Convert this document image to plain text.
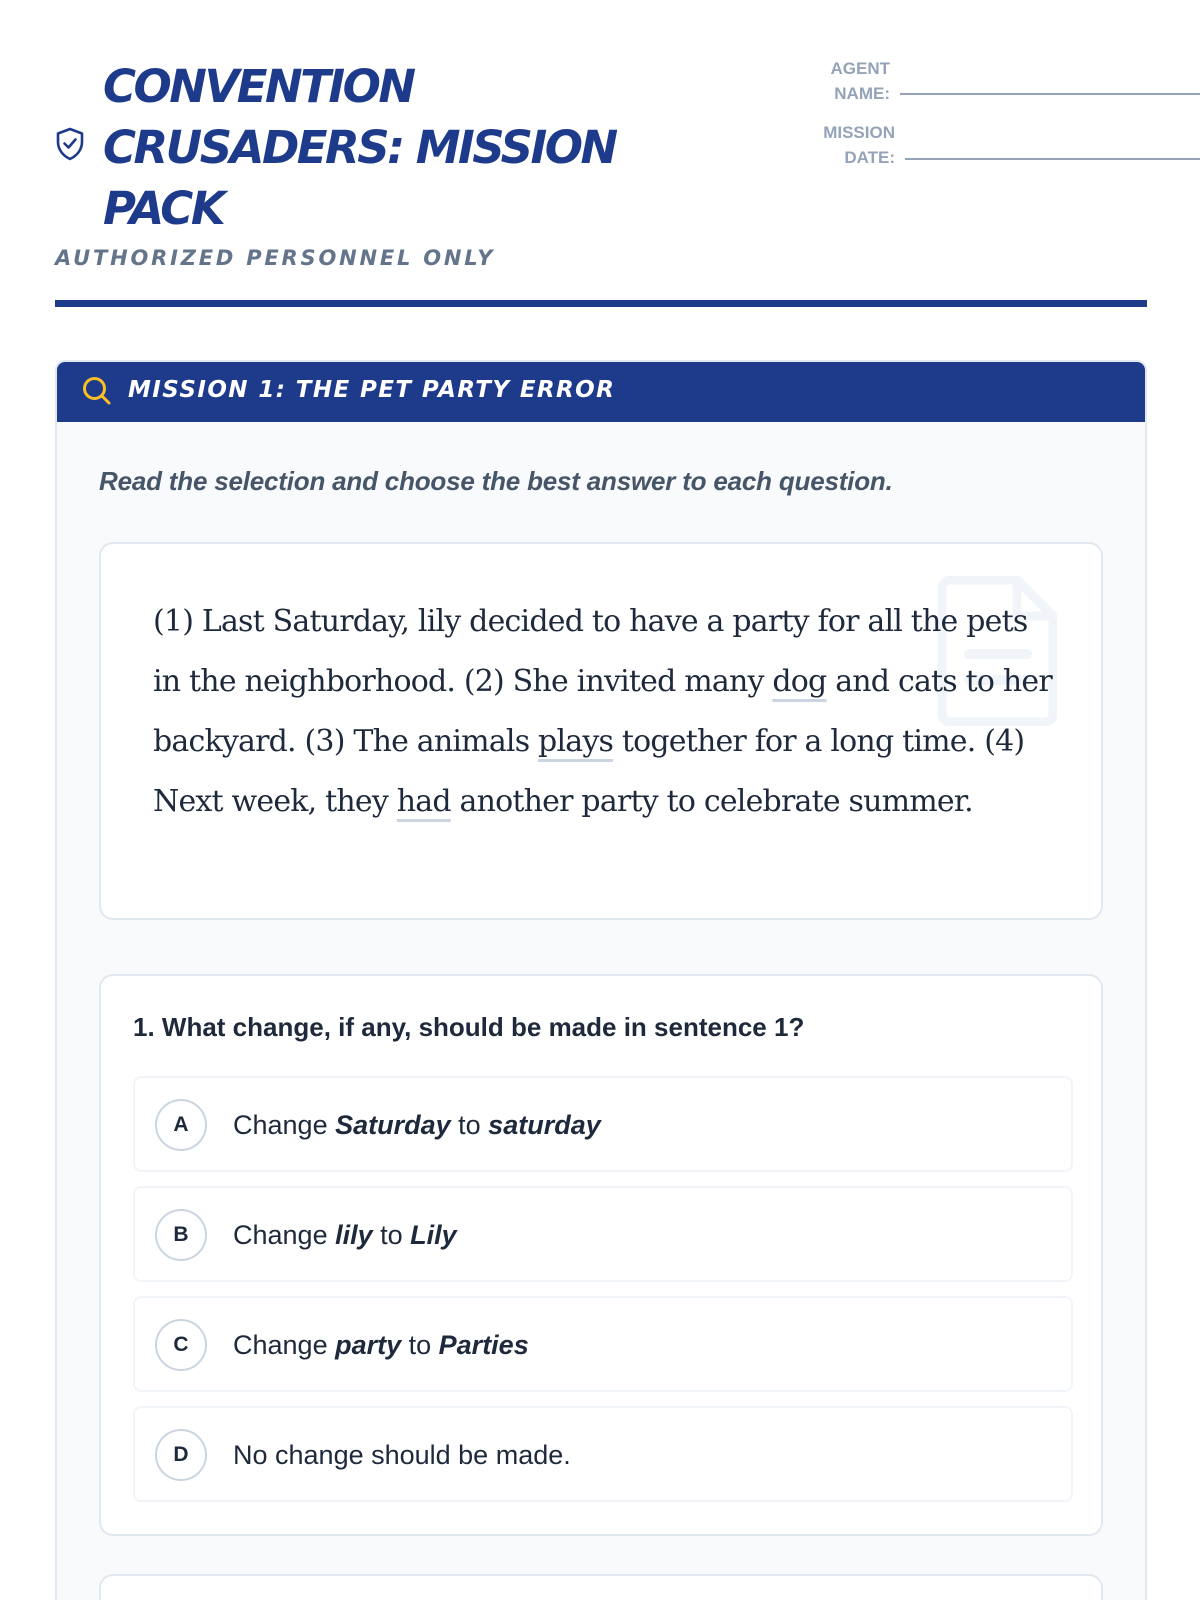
CONVENTION CRUSADERS: MISSION PACK
AUTHORIZED PERSONNEL ONLY
AGENT NAME:
MISSION DATE:
MISSION 1: THE PET PARTY ERROR
Read the selection and choose the best answer to each question.

(1) Last Saturday, lily decided to have a party for all the pets in the neighborhood. (2) She invited many dog and cats to her backyard. (3) The animals plays together for a long time. (4) Next week, they had another party to celebrate summer.

1. What change, if any, should be made in sentence 1?
A	Change Saturday to saturday
B	Change lily to Lily
C	Change party to Parties
D	No change should be made.
